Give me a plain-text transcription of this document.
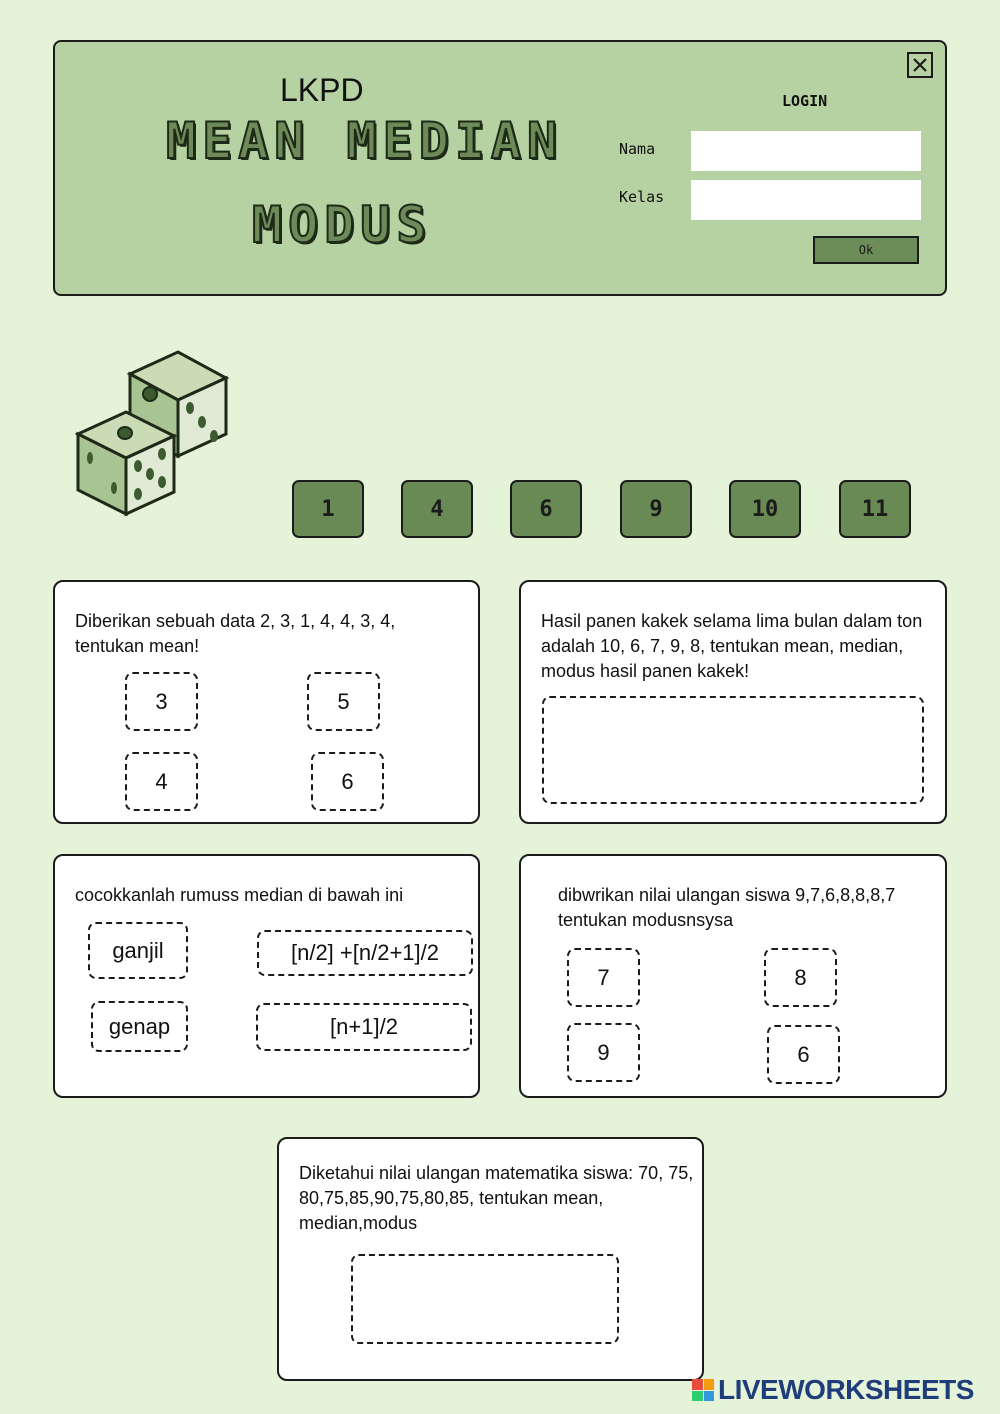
LKPD
MEAN MEDIAN
MODUS
LOGIN
Nama
Kelas
Ok
1	4	6	9	10	11
Diberikan sebuah data 2, 3, 1, 4, 4, 3, 4,
tentukan mean!
3	5
4	6
Hasil panen kakek selama lima bulan dalam ton
adalah 10, 6, 7, 9, 8, tentukan mean, median,
modus hasil panen kakek!
cocokkanlah rumuss median di bawah ini
ganjil	[n/2] +[n/2+1]/2
genap	[n+1]/2
dibwrikan nilai ulangan siswa 9,7,6,8,8,8,7
tentukan modusnsysa
7	8
9	6
Diketahui nilai ulangan matematika siswa: 70, 75,
80,75,85,90,75,80,85, tentukan mean,
median,modus
LIVEWORKSHEETS
